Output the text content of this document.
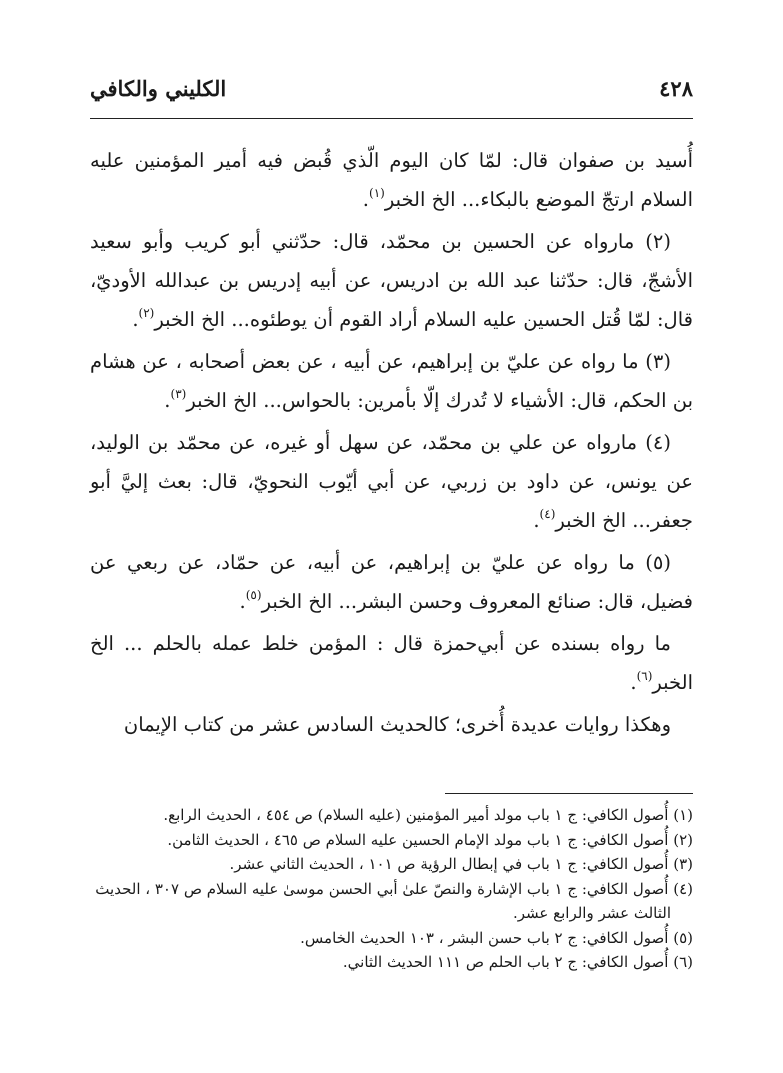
٤٢٨
الكليني والكافي

أُسيد بن صفوان قال: لمّا كان اليوم الّذي قُبض فيه أمير المؤمنين عليه السلام ارتجّ الموضع بالبكاء... الخ الخبر$^{(١)}$.

(٢) مارواه عن الحسين بن محمّد، قال: حدّثني أبو كريب وأبو سعيد الأشجّ، قال: حدّثنا عبد الله بن ادريس، عن أبيه إدريس بن عبدالله الأوديّ، قال: لمّا قُتل الحسين عليه السلام أراد القوم أن يوطئوه... الخ الخبر$^{(٢)}$.

(٣) ما رواه عن عليّ بن إبراهيم، عن أبيه ، عن بعض أصحابه ، عن هشام بن الحكم، قال: الأشياء لا تُدرك إلّا بأمرين: بالحواس... الخ الخبر$^{(٣)}$.

(٤) ماروا‌ه عن علي بن محمّد، عن سهل أو غيره، عن محمّد بن الوليد، عن يونس، عن داود بن زربي، عن أبي أيّوب النحويّ، قال: بعث إليَّ أبو جعفر... الخ الخبر$^{(٤)}$.

(٥) ما رواه عن عليّ بن إبراهيم، عن أبيه، عن حمّاد، عن ربعي عن فضيل، قال: صنائع المعروف وحسن البشر... الخ الخبر$^{(٥)}$.

ما رواه بسنده عن أبي‌حمزة قال : المؤمن خلط عمله بالحلم ... الخ الخبر$^{(٦)}$.

وهكذا روايات عديدة أُخرى؛ كالحديث السادس عشر من كتاب الإيمان

(١) أُصول الكافي: ج ١ باب مولد أمير المؤمنين (عليه السلام) ص ٤٥٤ ، الحديث الرابع.
(٢) أُصول الكافي: ج ١ باب مولد الإمام الحسين عليه السلام ص ٤٦٥ ، الحديث الثامن.
(٣) أُصول الكافي: ج ١ باب في إبطال الرؤية ص ١٠١ ، الحديث الثاني عشر.
(٤) أُصول الكافي: ج ١ باب الإشارة والنصّ علىٰ أبي الحسن موسىٰ عليه السلام ص ٣٠٧ ، الحديث
الثالث عشر والرابع عشر.
(٥) أُصول الكافي: ج ٢ باب حسن البشر ، ١٠٣ الحديث الخامس.
(٦) أُصول الكافي: ج ٢ باب الحلم ص ١١١ الحديث الثاني.
